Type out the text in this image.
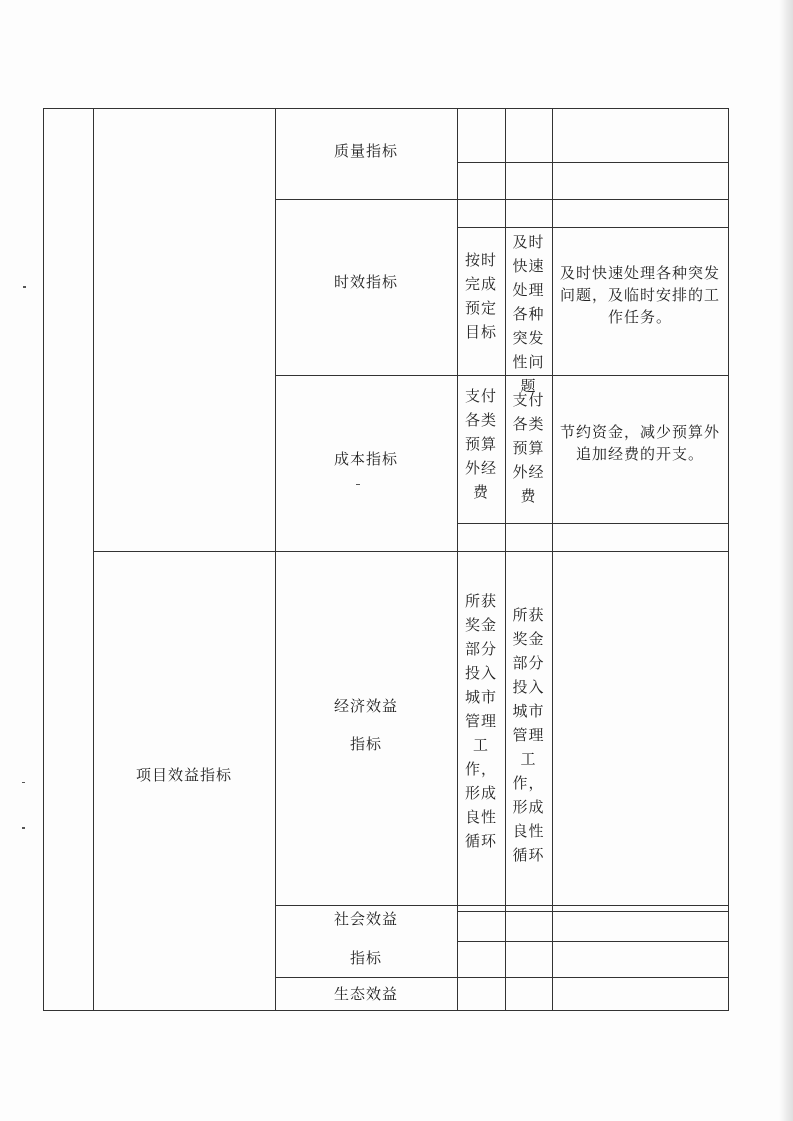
质量指标
时效指标
按时
完成
预定
目标
及时
快速
处理
各种
突发
性问
题
及时快速处理各种突发问题，及临时安排的工作任务。
成本指标
支付
各类
预算
外经
费
支付
各类
预算
外经
费
节约资金，减少预算外追加经费的开支。
项目效益指标
经济效益
指标
所获
奖金
部分
投入
城市
管理
工
作，
形成
良性
循环
所获
奖金
部分
投入
城市
管理
工
作，
形成
良性
循环
社会效益
指标
生态效益
